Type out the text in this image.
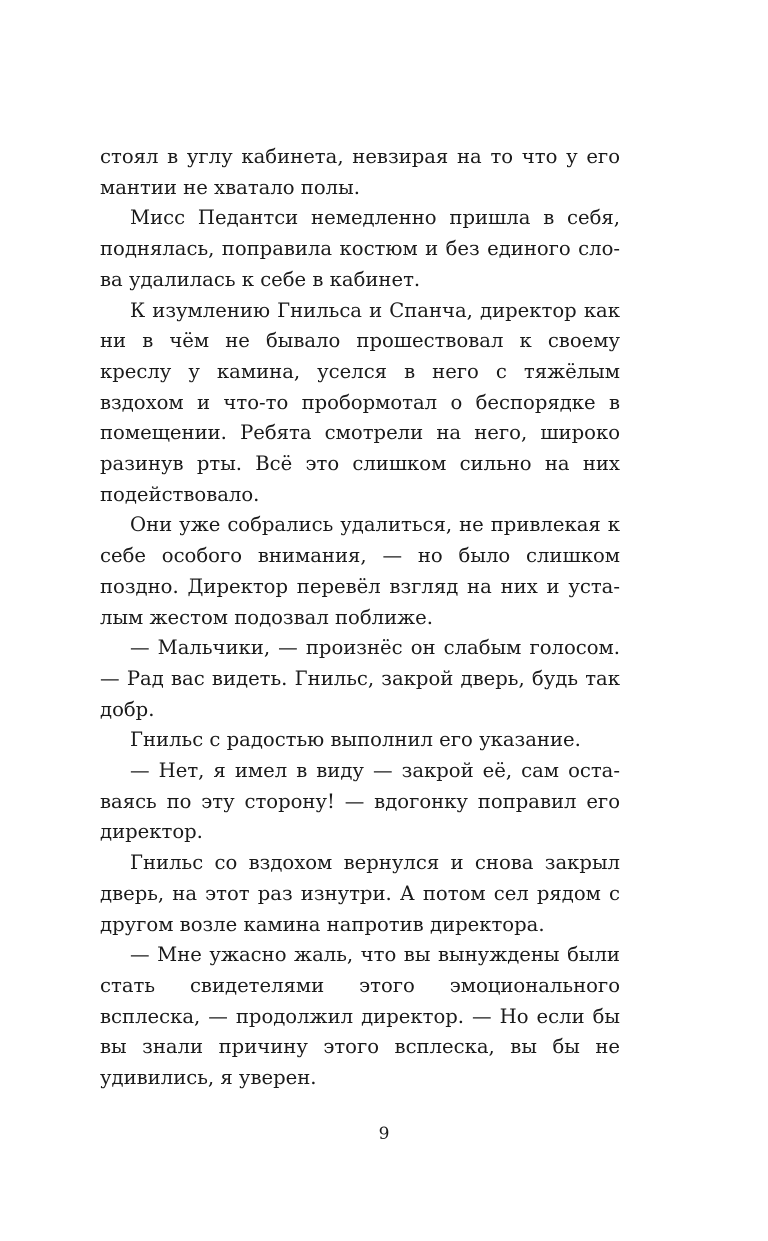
стоял в углу кабинета, невзирая на то что у его мантии не хватало полы.

Мисс Педантси немедленно пришла в себя, поднялась, поправила костюм и без единого слова удалилась к себе в кабинет.

К изумлению Гнильса и Спанча, директор как ни в чём не бывало прошествовал к своему креслу у камина, уселся в него с тяжёлым вздохом и что-то пробормотал о беспорядке в помещении. Ребята смотрели на него, широко разинув рты. Всё это слишком сильно на них подействовало.

Они уже собрались удалиться, не привлекая к себе особого внимания, — но было слишком поздно. Директор перевёл взгляд на них и усталым жестом подозвал поближе.

— Мальчики, — произнёс он слабым голосом. — Рад вас видеть. Гнильс, закрой дверь, будь так добр.

Гнильс с радостью выполнил его указание.

— Нет, я имел в виду — закрой её, сам оставаясь по эту сторону! — вдогонку поправил его директор.

Гнильс со вздохом вернулся и снова закрыл дверь, на этот раз изнутри. А потом сел рядом с другом возле камина напротив директора.

— Мне ужасно жаль, что вы вынуждены были стать свидетелями этого эмоционального всплеска, — продолжил директор. — Но если бы вы знали причину этого всплеска, вы бы не удивились, я уверен.

9
